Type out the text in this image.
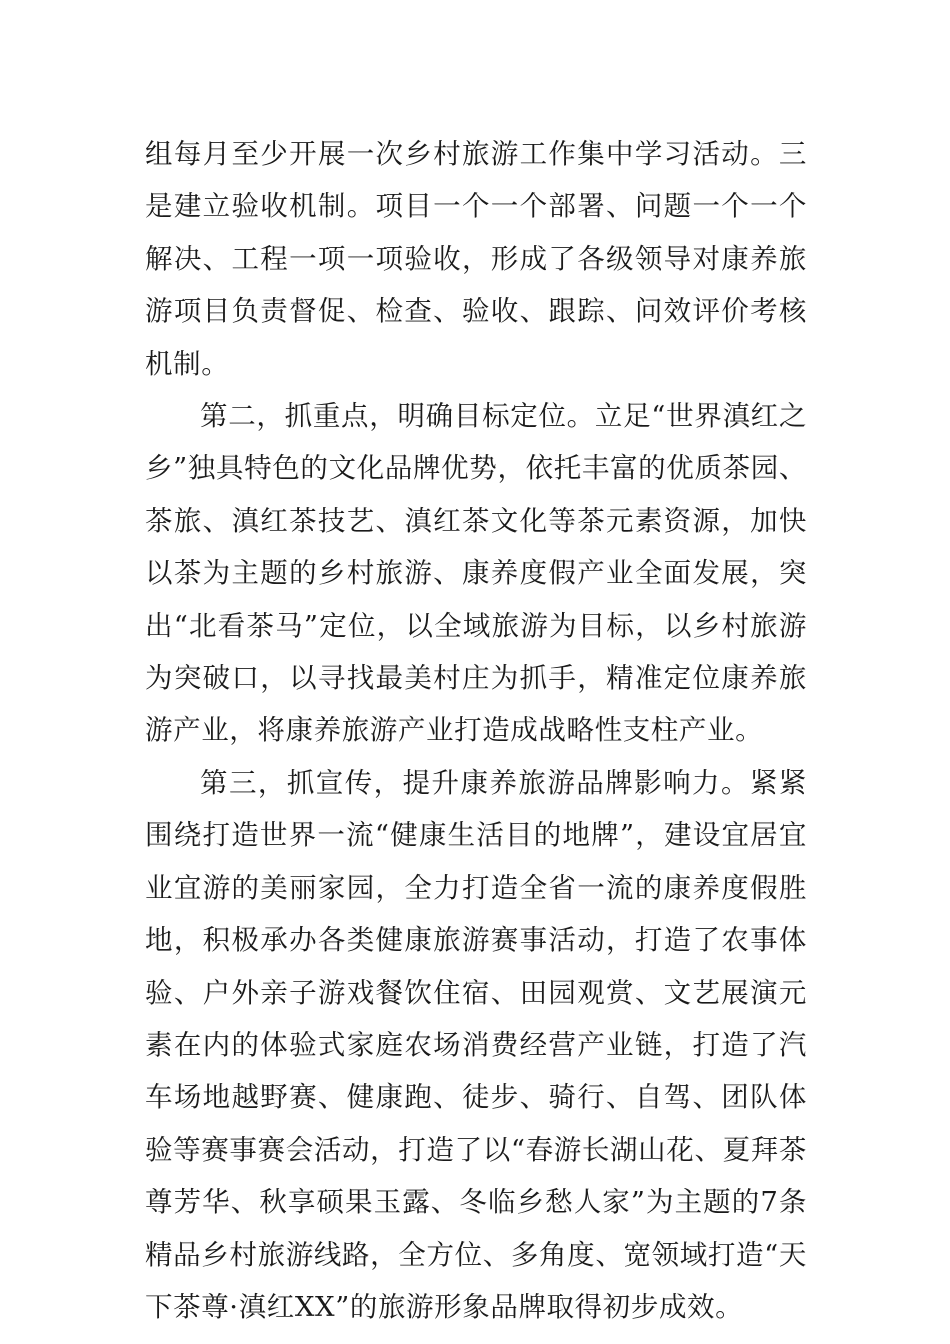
组每月至少开展一次乡村旅游工作集中学习活动。三是建立验收机制。项目一个一个部署、问题一个一个解决、工程一项一项验收，形成了各级领导对康养旅游项目负责督促、检查、验收、跟踪、问效评价考核机制。

第二，抓重点，明确目标定位。立足“世界滇红之乡”独具特色的文化品牌优势，依托丰富的优质茶园、茶旅、滇红茶技艺、滇红茶文化等茶元素资源，加快以茶为主题的乡村旅游、康养度假产业全面发展，突出“北看茶马”定位，以全域旅游为目标，以乡村旅游为突破口，以寻找最美村庄为抓手，精准定位康养旅游产业，将康养旅游产业打造成战略性支柱产业。

第三，抓宣传，提升康养旅游品牌影响力。紧紧围绕打造世界一流“健康生活目的地牌”，建设宜居宜业宜游的美丽家园，全力打造全省一流的康养度假胜地，积极承办各类健康旅游赛事活动，打造了农事体验、户外亲子游戏餐饮住宿、田园观赏、文艺展演元素在内的体验式家庭农场消费经营产业链，打造了汽车场地越野赛、健康跑、徒步、骑行、自驾、团队体验等赛事赛会活动，打造了以“春游长湖山花、夏拜茶尊芳华、秋享硕果玉露、冬临乡愁人家”为主题的7条精品乡村旅游线路，全方位、多角度、宽领域打造“天下茶尊·滇红XX”的旅游形象品牌取得初步成效。
